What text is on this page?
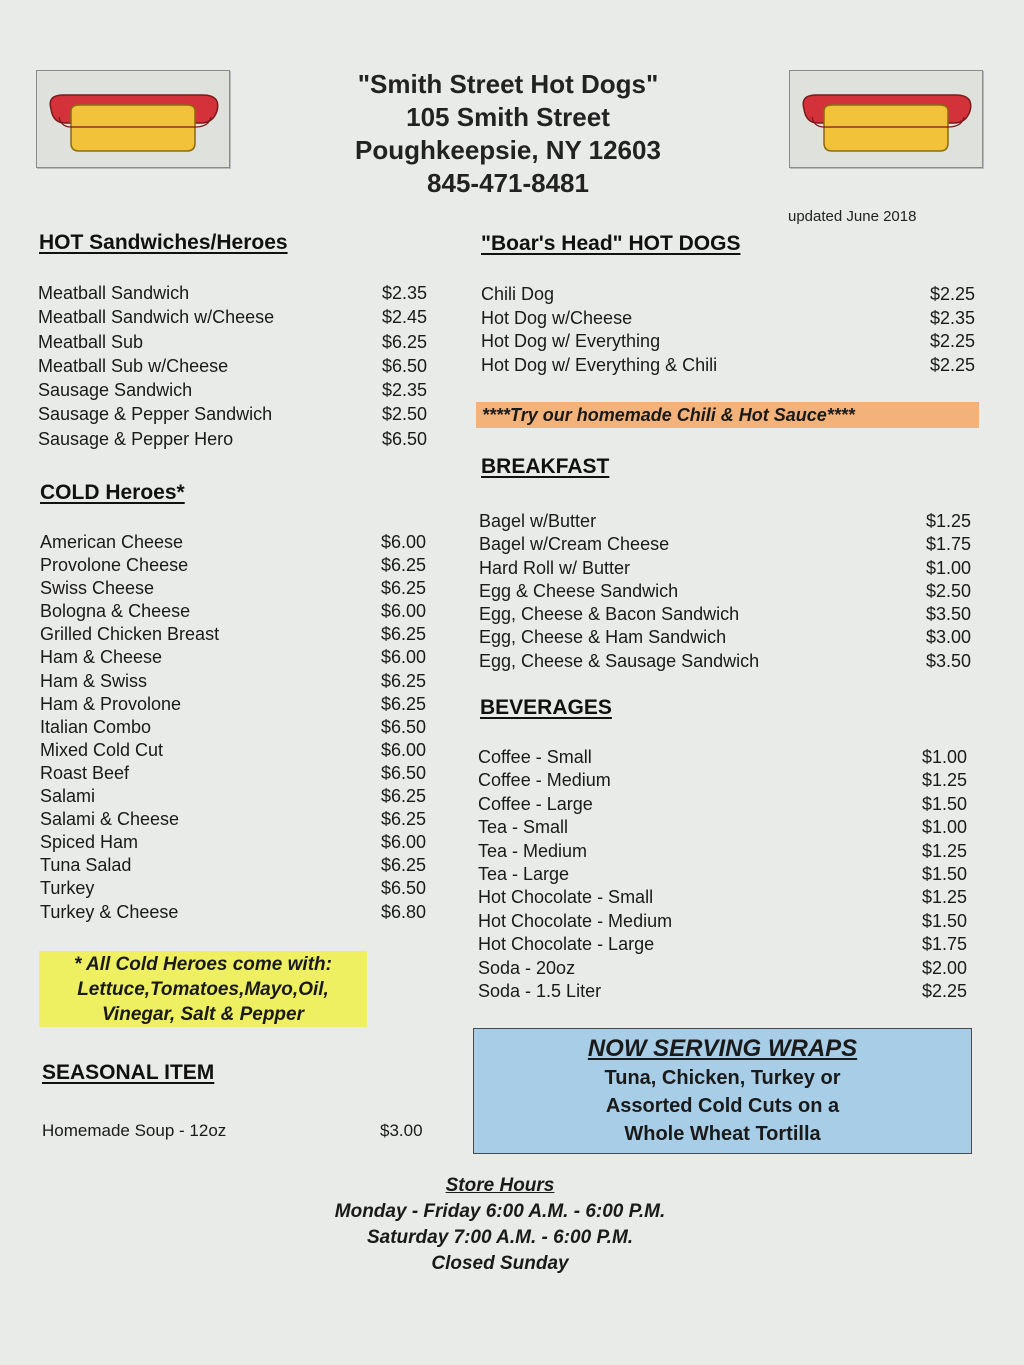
"Smith Street Hot Dogs"
105 Smith Street
Poughkeepsie, NY 12603
845-471-8481
updated June 2018
HOT Sandwiches/Heroes
Meatball Sandwich	$2.35
Meatball Sandwich w/Cheese	$2.45
Meatball Sub	$6.25
Meatball Sub w/Cheese	$6.50
Sausage Sandwich	$2.35
Sausage & Pepper Sandwich	$2.50
Sausage & Pepper Hero	$6.50
COLD Heroes*
American Cheese	$6.00
Provolone Cheese	$6.25
Swiss Cheese	$6.25
Bologna & Cheese	$6.00
Grilled Chicken Breast	$6.25
Ham & Cheese	$6.00
Ham & Swiss	$6.25
Ham & Provolone	$6.25
Italian Combo	$6.50
Mixed Cold Cut	$6.00
Roast Beef	$6.50
Salami	$6.25
Salami & Cheese	$6.25
Spiced Ham	$6.00
Tuna Salad	$6.25
Turkey	$6.50
Turkey & Cheese	$6.80
* All Cold Heroes come with:
Lettuce,Tomatoes,Mayo,Oil,
Vinegar, Salt & Pepper
SEASONAL ITEM
Homemade Soup - 12oz	$3.00
"Boar's Head" HOT DOGS
Chili Dog	$2.25
Hot Dog w/Cheese	$2.35
Hot Dog w/ Everything	$2.25
Hot Dog w/ Everything & Chili	$2.25
****Try our homemade Chili & Hot Sauce****
BREAKFAST
Bagel w/Butter	$1.25
Bagel w/Cream Cheese	$1.75
Hard Roll w/ Butter	$1.00
Egg & Cheese Sandwich	$2.50
Egg, Cheese & Bacon Sandwich	$3.50
Egg, Cheese & Ham Sandwich	$3.00
Egg, Cheese & Sausage Sandwich	$3.50
BEVERAGES
Coffee - Small	$1.00
Coffee - Medium	$1.25
Coffee - Large	$1.50
Tea - Small	$1.00
Tea - Medium	$1.25
Tea - Large	$1.50
Hot Chocolate - Small	$1.25
Hot Chocolate - Medium	$1.50
Hot Chocolate - Large	$1.75
Soda - 20oz	$2.00
Soda - 1.5 Liter	$2.25
NOW SERVING WRAPS
Tuna, Chicken, Turkey or
Assorted Cold Cuts on a
Whole Wheat Tortilla
Store Hours
Monday - Friday 6:00 A.M. - 6:00 P.M.
Saturday 7:00 A.M. - 6:00 P.M.
Closed Sunday
